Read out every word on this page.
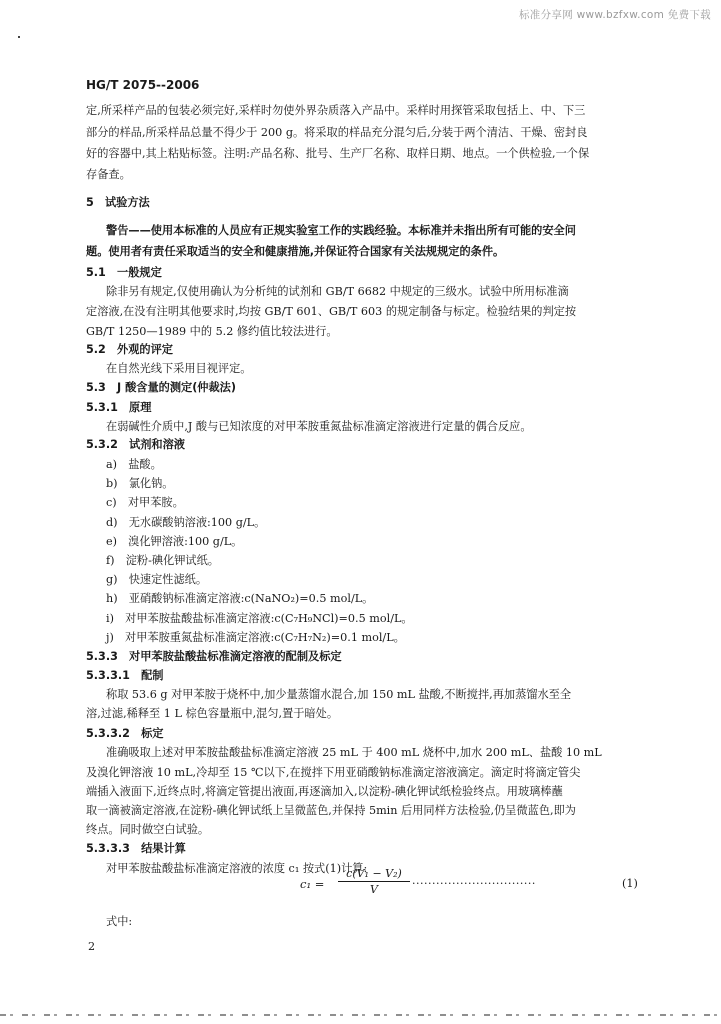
标准分享网 www.bzfxw.com 免费下载
HG/T 2075--2006
定,所采样产品的包装必须完好,采样时勿使外界杂质落入产品中。采样时用探管采取包括上、中、下三
部分的样品,所采样品总量不得少于 200 g。将采取的样品充分混匀后,分装于两个清洁、干燥、密封良
好的容器中,其上粘贴标签。注明:产品名称、批号、生产厂名称、取样日期、地点。一个供检验,一个保
存备查。
5　试验方法
警告——使用本标准的人员应有正规实验室工作的实践经验。本标准并未指出所有可能的安全问
题。使用者有责任采取适当的安全和健康措施,并保证符合国家有关法规规定的条件。
5.1　一般规定
除非另有规定,仅使用确认为分析纯的试剂和 GB/T 6682 中规定的三级水。试验中所用标准滴
定溶液,在没有注明其他要求时,均按 GB/T 601、GB/T 603 的规定制备与标定。检验结果的判定按
GB/T 1250—1989 中的 5.2 修约值比较法进行。
5.2　外观的评定
在自然光线下采用目视评定。
5.3　J 酸含量的测定(仲裁法)
5.3.1　原理
在弱碱性介质中,J 酸与已知浓度的对甲苯胺重氮盐标准滴定溶液进行定量的偶合反应。
5.3.2　试剂和溶液
a)　盐酸。
b)　氯化钠。
c)　对甲苯胺。
d)　无水碳酸钠溶液:100 g/L。
e)　溴化钾溶液:100 g/L。
f)　淀粉-碘化钾试纸。
g)　快速定性滤纸。
h)　亚硝酸钠标准滴定溶液:c(NaNO₂)=0.5 mol/L。
i)　对甲苯胺盐酸盐标准滴定溶液:c(C₇H₉NCl)=0.5 mol/L。
j)　对甲苯胺重氮盐标准滴定溶液:c(C₇H₇N₂)=0.1 mol/L。
5.3.3　对甲苯胺盐酸盐标准滴定溶液的配制及标定
5.3.3.1　配制
称取 53.6 g 对甲苯胺于烧杯中,加少量蒸馏水混合,加 150 mL 盐酸,不断搅拌,再加蒸馏水至全
溶,过滤,稀释至 1 L 棕色容量瓶中,混匀,置于暗处。
5.3.3.2　标定
准确吸取上述对甲苯胺盐酸盐标准滴定溶液 25 mL 于 400 mL 烧杯中,加水 200 mL、盐酸 10 mL
及溴化钾溶液 10 mL,冷却至 15 ℃以下,在搅拌下用亚硝酸钠标准滴定溶液滴定。滴定时将滴定管尖
端插入液面下,近终点时,将滴定管提出液面,再逐滴加入,以淀粉-碘化钾试纸检验终点。用玻璃棒蘸
取一滴被滴定溶液,在淀粉-碘化钾试纸上呈微蓝色,并保持 5min 后用同样方法检验,仍呈微蓝色,即为
终点。同时做空白试验。
5.3.3.3　结果计算
对甲苯胺盐酸盐标准滴定溶液的浓度 c₁ 按式(1)计算:
$c_1 = \frac{\text{c(V₁ − V₂)}}{V}$ ·······························	(1)
式中:
2
